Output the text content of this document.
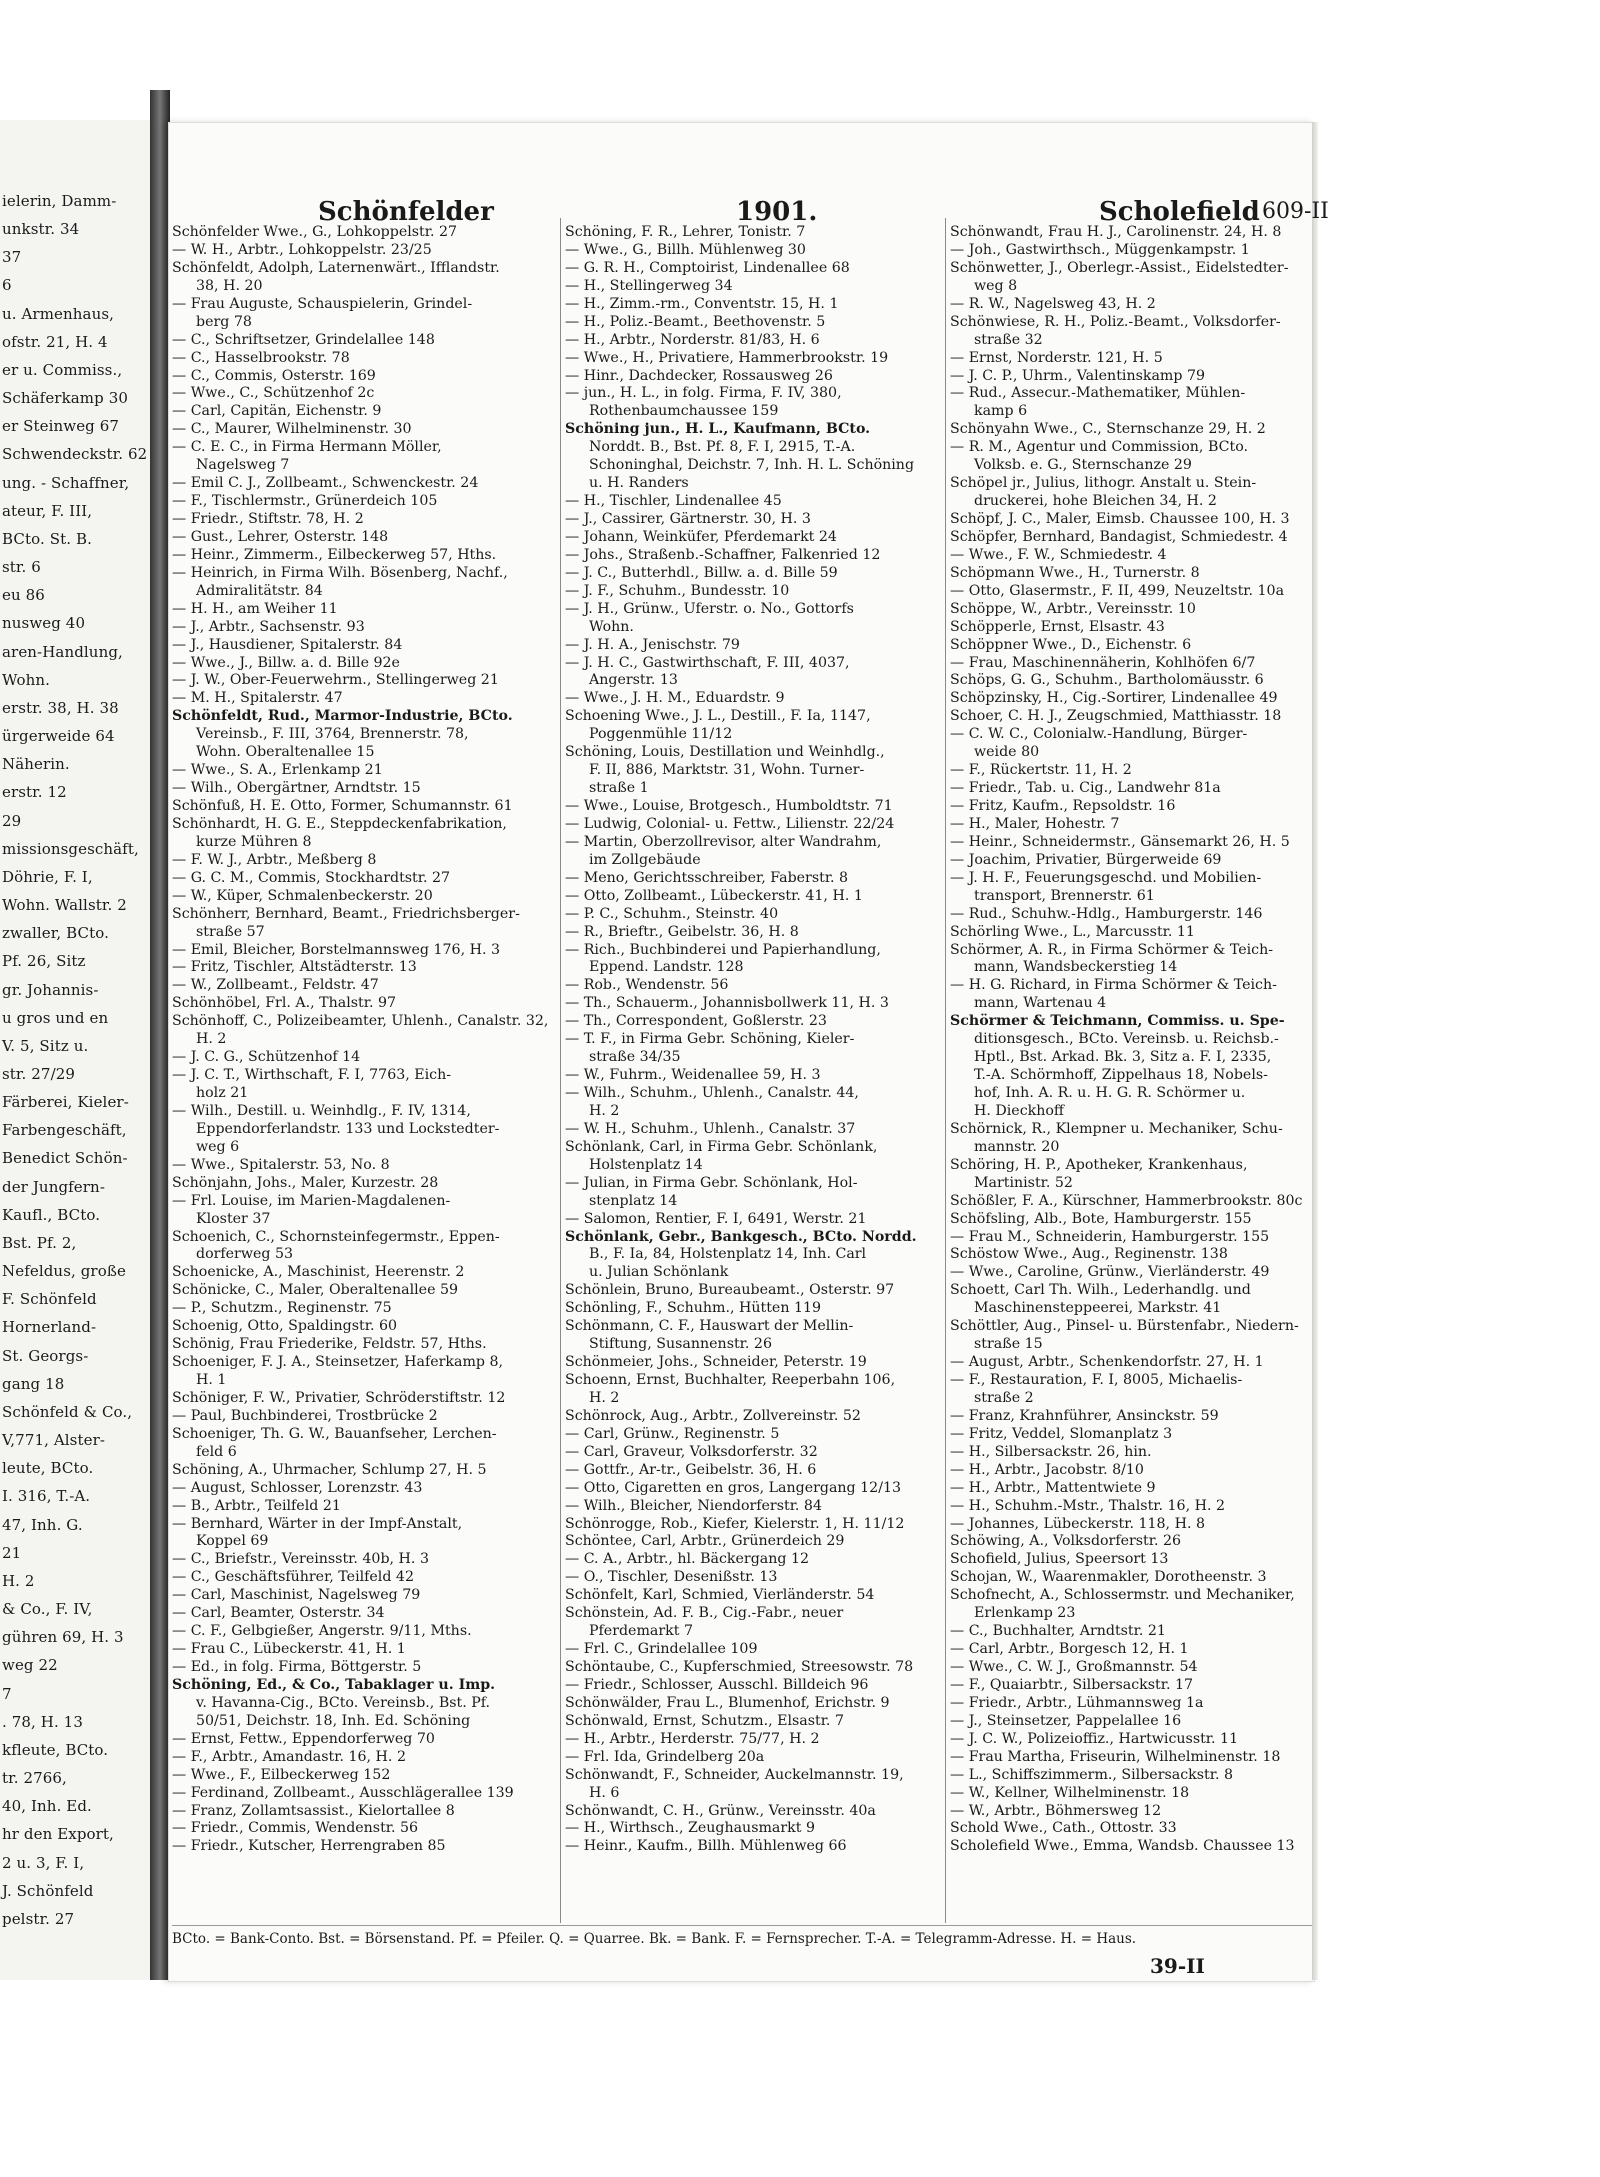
ielerin, Damm-
unkstr. 34
37
6
u. Armenhaus,
ofstr. 21, H. 4
er u. Commiss.,
Schäferkamp 30
er Steinweg 67
Schwendeckstr. 62
ung. - Schaffner,
ateur, F. III,
BCto. St. B.
str. 6
eu 86
nusweg 40
aren-Handlung,
Wohn.
erstr. 38, H. 38
ürgerweide 64
Näherin.
erstr. 12
29
missionsgeschäft,
Döhrie, F. I,
Wohn. Wallstr. 2
zwaller, BCto.
Pf. 26, Sitz
gr. Johannis-
u gros und en
V. 5, Sitz u.
str. 27/29
Färberei, Kieler-
Farbengeschäft,
Benedict Schön-
der Jungfern-
Kaufl., BCto.
Bst. Pf. 2,
Nefeldus, große
F. Schönfeld
Hornerland-
St. Georgs-
gang 18
Schönfeld & Co.,
V,771, Alster-
leute, BCto.
I. 316, T.-A.
47, Inh. G.
21
H. 2
& Co., F. IV,
gühren 69, H. 3
weg 22
7
. 78, H. 13
kfleute, BCto.
tr. 2766,
40, Inh. Ed.
hr den Export,
2 u. 3, F. I,
J. Schönfeld
pelstr. 27
Schönfelder	1901.	Scholefield 609-II
Schönfelder Wwe., G., Lohkoppelstr. 27
— W. H., Arbtr., Lohkoppelstr. 23/25
Schönfeldt, Adolph, Laternenwärt., Ifflandstr.
38, H. 20
— Frau Auguste, Schauspielerin, Grindel-
berg 78
— C., Schriftsetzer, Grindelallee 148
— C., Hasselbrookstr. 78
— C., Commis, Osterstr. 169
— Wwe., C., Schützenhof 2c
— Carl, Capitän, Eichenstr. 9
— C., Maurer, Wilhelminenstr. 30
— C. E. C., in Firma Hermann Möller,
Nagelsweg 7
— Emil C. J., Zollbeamt., Schwenckestr. 24
— F., Tischlermstr., Grünerdeich 105
— Friedr., Stiftstr. 78, H. 2
— Gust., Lehrer, Osterstr. 148
— Heinr., Zimmerm., Eilbeckerweg 57, Hths.
— Heinrich, in Firma Wilh. Bösenberg, Nachf.,
Admiralitätstr. 84
— H. H., am Weiher 11
— J., Arbtr., Sachsenstr. 93
— J., Hausdiener, Spitalerstr. 84
— Wwe., J., Billw. a. d. Bille 92e
— J. W., Ober-Feuerwehrm., Stellingerweg 21
— M. H., Spitalerstr. 47
Schönfeldt, Rud., Marmor-Industrie, BCto.
Vereinsb., F. III, 3764, Brennerstr. 78,
Wohn. Oberaltenallee 15
— Wwe., S. A., Erlenkamp 21
— Wilh., Obergärtner, Arndtstr. 15
Schönfuß, H. E. Otto, Former, Schumannstr. 61
Schönhardt, H. G. E., Steppdeckenfabrikation,
kurze Mühren 8
— F. W. J., Arbtr., Meßberg 8
— G. C. M., Commis, Stockhardtstr. 27
— W., Küper, Schmalenbeckerstr. 20
Schönherr, Bernhard, Beamt., Friedrichsberger-
straße 57
— Emil, Bleicher, Borstelmannsweg 176, H. 3
— Fritz, Tischler, Altstädterstr. 13
— W., Zollbeamt., Feldstr. 47
Schönhöbel, Frl. A., Thalstr. 97
Schönhoff, C., Polizeibeamter, Uhlenh., Canalstr. 32,
H. 2
— J. C. G., Schützenhof 14
— J. C. T., Wirthschaft, F. I, 7763, Eich-
holz 21
— Wilh., Destill. u. Weinhdlg., F. IV, 1314,
Eppendorferlandstr. 133 und Lockstedter-
weg 6
— Wwe., Spitalerstr. 53, No. 8
Schönjahn, Johs., Maler, Kurzestr. 28
— Frl. Louise, im Marien-Magdalenen-
Kloster 37
Schoenich, C., Schornsteinfegermstr., Eppen-
dorferweg 53
Schoenicke, A., Maschinist, Heerenstr. 2
Schönicke, C., Maler, Oberaltenallee 59
— P., Schutzm., Reginenstr. 75
Schoenig, Otto, Spaldingstr. 60
Schönig, Frau Friederike, Feldstr. 57, Hths.
Schoeniger, F. J. A., Steinsetzer, Haferkamp 8,
H. 1
Schöniger, F. W., Privatier, Schröderstiftstr. 12
— Paul, Buchbinderei, Trostbrücke 2
Schoeniger, Th. G. W., Bauanfseher, Lerchen-
feld 6
Schöning, A., Uhrmacher, Schlump 27, H. 5
— August, Schlosser, Lorenzstr. 43
— B., Arbtr., Teilfeld 21
— Bernhard, Wärter in der Impf-Anstalt,
Koppel 69
— C., Briefstr., Vereinsstr. 40b, H. 3
— C., Geschäftsführer, Teilfeld 42
— Carl, Maschinist, Nagelsweg 79
— Carl, Beamter, Osterstr. 34
— C. F., Gelbgießer, Angerstr. 9/11, Mths.
— Frau C., Lübeckerstr. 41, H. 1
— Ed., in folg. Firma, Böttgerstr. 5
Schöning, Ed., & Co., Tabaklager u. Imp.
v. Havanna-Cig., BCto. Vereinsb., Bst. Pf.
50/51, Deichstr. 18, Inh. Ed. Schöning
— Ernst, Fettw., Eppendorferweg 70
— F., Arbtr., Amandastr. 16, H. 2
— Wwe., F., Eilbeckerweg 152
— Ferdinand, Zollbeamt., Ausschlägerallee 139
— Franz, Zollamtsassist., Kielortallee 8
— Friedr., Commis, Wendenstr. 56
— Friedr., Kutscher, Herrengraben 85
Schöning, F. R., Lehrer, Tonistr. 7
— Wwe., G., Billh. Mühlenweg 30
— G. R. H., Comptoirist, Lindenallee 68
— H., Stellingerweg 34
— H., Zimm.-rm., Conventstr. 15, H. 1
— H., Poliz.-Beamt., Beethovenstr. 5
— H., Arbtr., Norderstr. 81/83, H. 6
— Wwe., H., Privatiere, Hammerbrookstr. 19
— Hinr., Dachdecker, Rossausweg 26
— jun., H. L., in folg. Firma, F. IV, 380,
Rothenbaumchaussee 159
Schöning jun., H. L., Kaufmann, BCto.
Norddt. B., Bst. Pf. 8, F. I, 2915, T.-A.
Schoninghal, Deichstr. 7, Inh. H. L. Schöning
u. H. Randers
— H., Tischler, Lindenallee 45
— J., Cassirer, Gärtnerstr. 30, H. 3
— Johann, Weinküfer, Pferdemarkt 24
— Johs., Straßenb.-Schaffner, Falkenried 12
— J. C., Butterhdl., Billw. a. d. Bille 59
— J. F., Schuhm., Bundesstr. 10
— J. H., Grünw., Uferstr. o. No., Gottorfs
Wohn.
— J. H. A., Jenischstr. 79
— J. H. C., Gastwirthschaft, F. III, 4037,
Angerstr. 13
— Wwe., J. H. M., Eduardstr. 9
Schoening Wwe., J. L., Destill., F. Ia, 1147,
Poggenmühle 11/12
Schöning, Louis, Destillation und Weinhdlg.,
F. II, 886, Marktstr. 31, Wohn. Turner-
straße 1
— Wwe., Louise, Brotgesch., Humboldtstr. 71
— Ludwig, Colonial- u. Fettw., Lilienstr. 22/24
— Martin, Oberzollrevisor, alter Wandrahm,
im Zollgebäude
— Meno, Gerichtsschreiber, Faberstr. 8
— Otto, Zollbeamt., Lübeckerstr. 41, H. 1
— P. C., Schuhm., Steinstr. 40
— R., Brieftr., Geibelstr. 36, H. 8
— Rich., Buchbinderei und Papierhandlung,
Eppend. Landstr. 128
— Rob., Wendenstr. 56
— Th., Schauerm., Johannisbollwerk 11, H. 3
— Th., Correspondent, Goßlerstr. 23
— T. F., in Firma Gebr. Schöning, Kieler-
straße 34/35
— W., Fuhrm., Weidenallee 59, H. 3
— Wilh., Schuhm., Uhlenh., Canalstr. 44,
H. 2
— W. H., Schuhm., Uhlenh., Canalstr. 37
Schönlank, Carl, in Firma Gebr. Schönlank,
Holstenplatz 14
— Julian, in Firma Gebr. Schönlank, Hol-
stenplatz 14
— Salomon, Rentier, F. I, 6491, Werstr. 21
Schönlank, Gebr., Bankgesch., BCto. Nordd.
B., F. Ia, 84, Holstenplatz 14, Inh. Carl
u. Julian Schönlank
Schönlein, Bruno, Bureaubeamt., Osterstr. 97
Schönling, F., Schuhm., Hütten 119
Schönmann, C. F., Hauswart der Mellin-
Stiftung, Susannenstr. 26
Schönmeier, Johs., Schneider, Peterstr. 19
Schoenn, Ernst, Buchhalter, Reeperbahn 106,
H. 2
Schönrock, Aug., Arbtr., Zollvereinstr. 52
— Carl, Grünw., Reginenstr. 5
— Carl, Graveur, Volksdorferstr. 32
— Gottfr., Ar-tr., Geibelstr. 36, H. 6
— Otto, Cigaretten en gros, Langergang 12/13
— Wilh., Bleicher, Niendorferstr. 84
Schönrogge, Rob., Kiefer, Kielerstr. 1, H. 11/12
Schöntee, Carl, Arbtr., Grünerdeich 29
— C. A., Arbtr., hl. Bäckergang 12
— O., Tischler, Desenißstr. 13
Schönfelt, Karl, Schmied, Vierländerstr. 54
Schönstein, Ad. F. B., Cig.-Fabr., neuer
Pferdemarkt 7
— Frl. C., Grindelallee 109
Schöntaube, C., Kupferschmied, Streesowstr. 78
— Friedr., Schlosser, Ausschl. Billdeich 96
Schönwälder, Frau L., Blumenhof, Erichstr. 9
Schönwald, Ernst, Schutzm., Elsastr. 7
— H., Arbtr., Herderstr. 75/77, H. 2
— Frl. Ida, Grindelberg 20a
Schönwandt, F., Schneider, Auckelmannstr. 19,
H. 6
Schönwandt, C. H., Grünw., Vereinsstr. 40a
— H., Wirthsch., Zeughausmarkt 9
— Heinr., Kaufm., Billh. Mühlenweg 66
Schönwandt, Frau H. J., Carolinenstr. 24, H. 8
— Joh., Gastwirthsch., Müggenkampstr. 1
Schönwetter, J., Oberlegr.-Assist., Eidelstedter-
weg 8
— R. W., Nagelsweg 43, H. 2
Schönwiese, R. H., Poliz.-Beamt., Volksdorfer-
straße 32
— Ernst, Norderstr. 121, H. 5
— J. C. P., Uhrm., Valentinskamp 79
— Rud., Assecur.-Mathematiker, Mühlen-
kamp 6
Schönyahn Wwe., C., Sternschanze 29, H. 2
— R. M., Agentur und Commission, BCto.
Volksb. e. G., Sternschanze 29
Schöpel jr., Julius, lithogr. Anstalt u. Stein-
druckerei, hohe Bleichen 34, H. 2
Schöpf, J. C., Maler, Eimsb. Chaussee 100, H. 3
Schöpfer, Bernhard, Bandagist, Schmiedestr. 4
— Wwe., F. W., Schmiedestr. 4
Schöpmann Wwe., H., Turnerstr. 8
— Otto, Glasermstr., F. II, 499, Neuzeltstr. 10a
Schöppe, W., Arbtr., Vereinsstr. 10
Schöpperle, Ernst, Elsastr. 43
Schöppner Wwe., D., Eichenstr. 6
— Frau, Maschinennäherin, Kohlhöfen 6/7
Schöps, G. G., Schuhm., Bartholomäusstr. 6
Schöpzinsky, H., Cig.-Sortirer, Lindenallee 49
Schoer, C. H. J., Zeugschmied, Matthiasstr. 18
— C. W. C., Colonialw.-Handlung, Bürger-
weide 80
— F., Rückertstr. 11, H. 2
— Friedr., Tab. u. Cig., Landwehr 81a
— Fritz, Kaufm., Repsoldstr. 16
— H., Maler, Hohestr. 7
— Heinr., Schneidermstr., Gänsemarkt 26, H. 5
— Joachim, Privatier, Bürgerweide 69
— J. H. F., Feuerungsgeschd. und Mobilien-
transport, Brennerstr. 61
— Rud., Schuhw.-Hdlg., Hamburgerstr. 146
Schörling Wwe., L., Marcusstr. 11
Schörmer, A. R., in Firma Schörmer & Teich-
mann, Wandsbeckerstieg 14
— H. G. Richard, in Firma Schörmer & Teich-
mann, Wartenau 4
Schörmer & Teichmann, Commiss. u. Spe-
ditionsgesch., BCto. Vereinsb. u. Reichsb.-
Hptl., Bst. Arkad. Bk. 3, Sitz a. F. I, 2335,
T.-A. Schörmhoff, Zippelhaus 18, Nobels-
hof, Inh. A. R. u. H. G. R. Schörmer u.
H. Dieckhoff
Schörnick, R., Klempner u. Mechaniker, Schu-
mannstr. 20
Schöring, H. P., Apotheker, Krankenhaus,
Martinistr. 52
Schößler, F. A., Kürschner, Hammerbrookstr. 80c
Schöfsling, Alb., Bote, Hamburgerstr. 155
— Frau M., Schneiderin, Hamburgerstr. 155
Schöstow Wwe., Aug., Reginenstr. 138
— Wwe., Caroline, Grünw., Vierländerstr. 49
Schoett, Carl Th. Wilh., Lederhandlg. und
Maschinensteppeerei, Markstr. 41
Schöttler, Aug., Pinsel- u. Bürstenfabr., Niedern-
straße 15
— August, Arbtr., Schenkendorfstr. 27, H. 1
— F., Restauration, F. I, 8005, Michaelis-
straße 2
— Franz, Krahnführer, Ansinckstr. 59
— Fritz, Veddel, Slomanplatz 3
— H., Silbersackstr. 26, hin.
— H., Arbtr., Jacobstr. 8/10
— H., Arbtr., Mattentwiete 9
— H., Schuhm.-Mstr., Thalstr. 16, H. 2
— Johannes, Lübeckerstr. 118, H. 8
Schöwing, A., Volksdorferstr. 26
Schofield, Julius, Speersort 13
Schojan, W., Waarenmakler, Dorotheenstr. 3
Schofnecht, A., Schlossermstr. und Mechaniker,
Erlenkamp 23
— C., Buchhalter, Arndtstr. 21
— Carl, Arbtr., Borgesch 12, H. 1
— Wwe., C. W. J., Großmannstr. 54
— F., Quaiarbtr., Silbersackstr. 17
— Friedr., Arbtr., Lühmannsweg 1a
— J., Steinsetzer, Pappelallee 16
— J. C. W., Polizeioffiz., Hartwicusstr. 11
— Frau Martha, Friseurin, Wilhelminenstr. 18
— L., Schiffszimmerm., Silbersackstr. 8
— W., Kellner, Wilhelminenstr. 18
— W., Arbtr., Böhmersweg 12
Schold Wwe., Cath., Ottostr. 33
Scholefield Wwe., Emma, Wandsb. Chaussee 13
BCto. = Bank-Conto. Bst. = Börsenstand. Pf. = Pfeiler. Q. = Quarree. Bk. = Bank. F. = Fernsprecher. T.-A. = Telegramm-Adresse. H. = Haus.
39-II
